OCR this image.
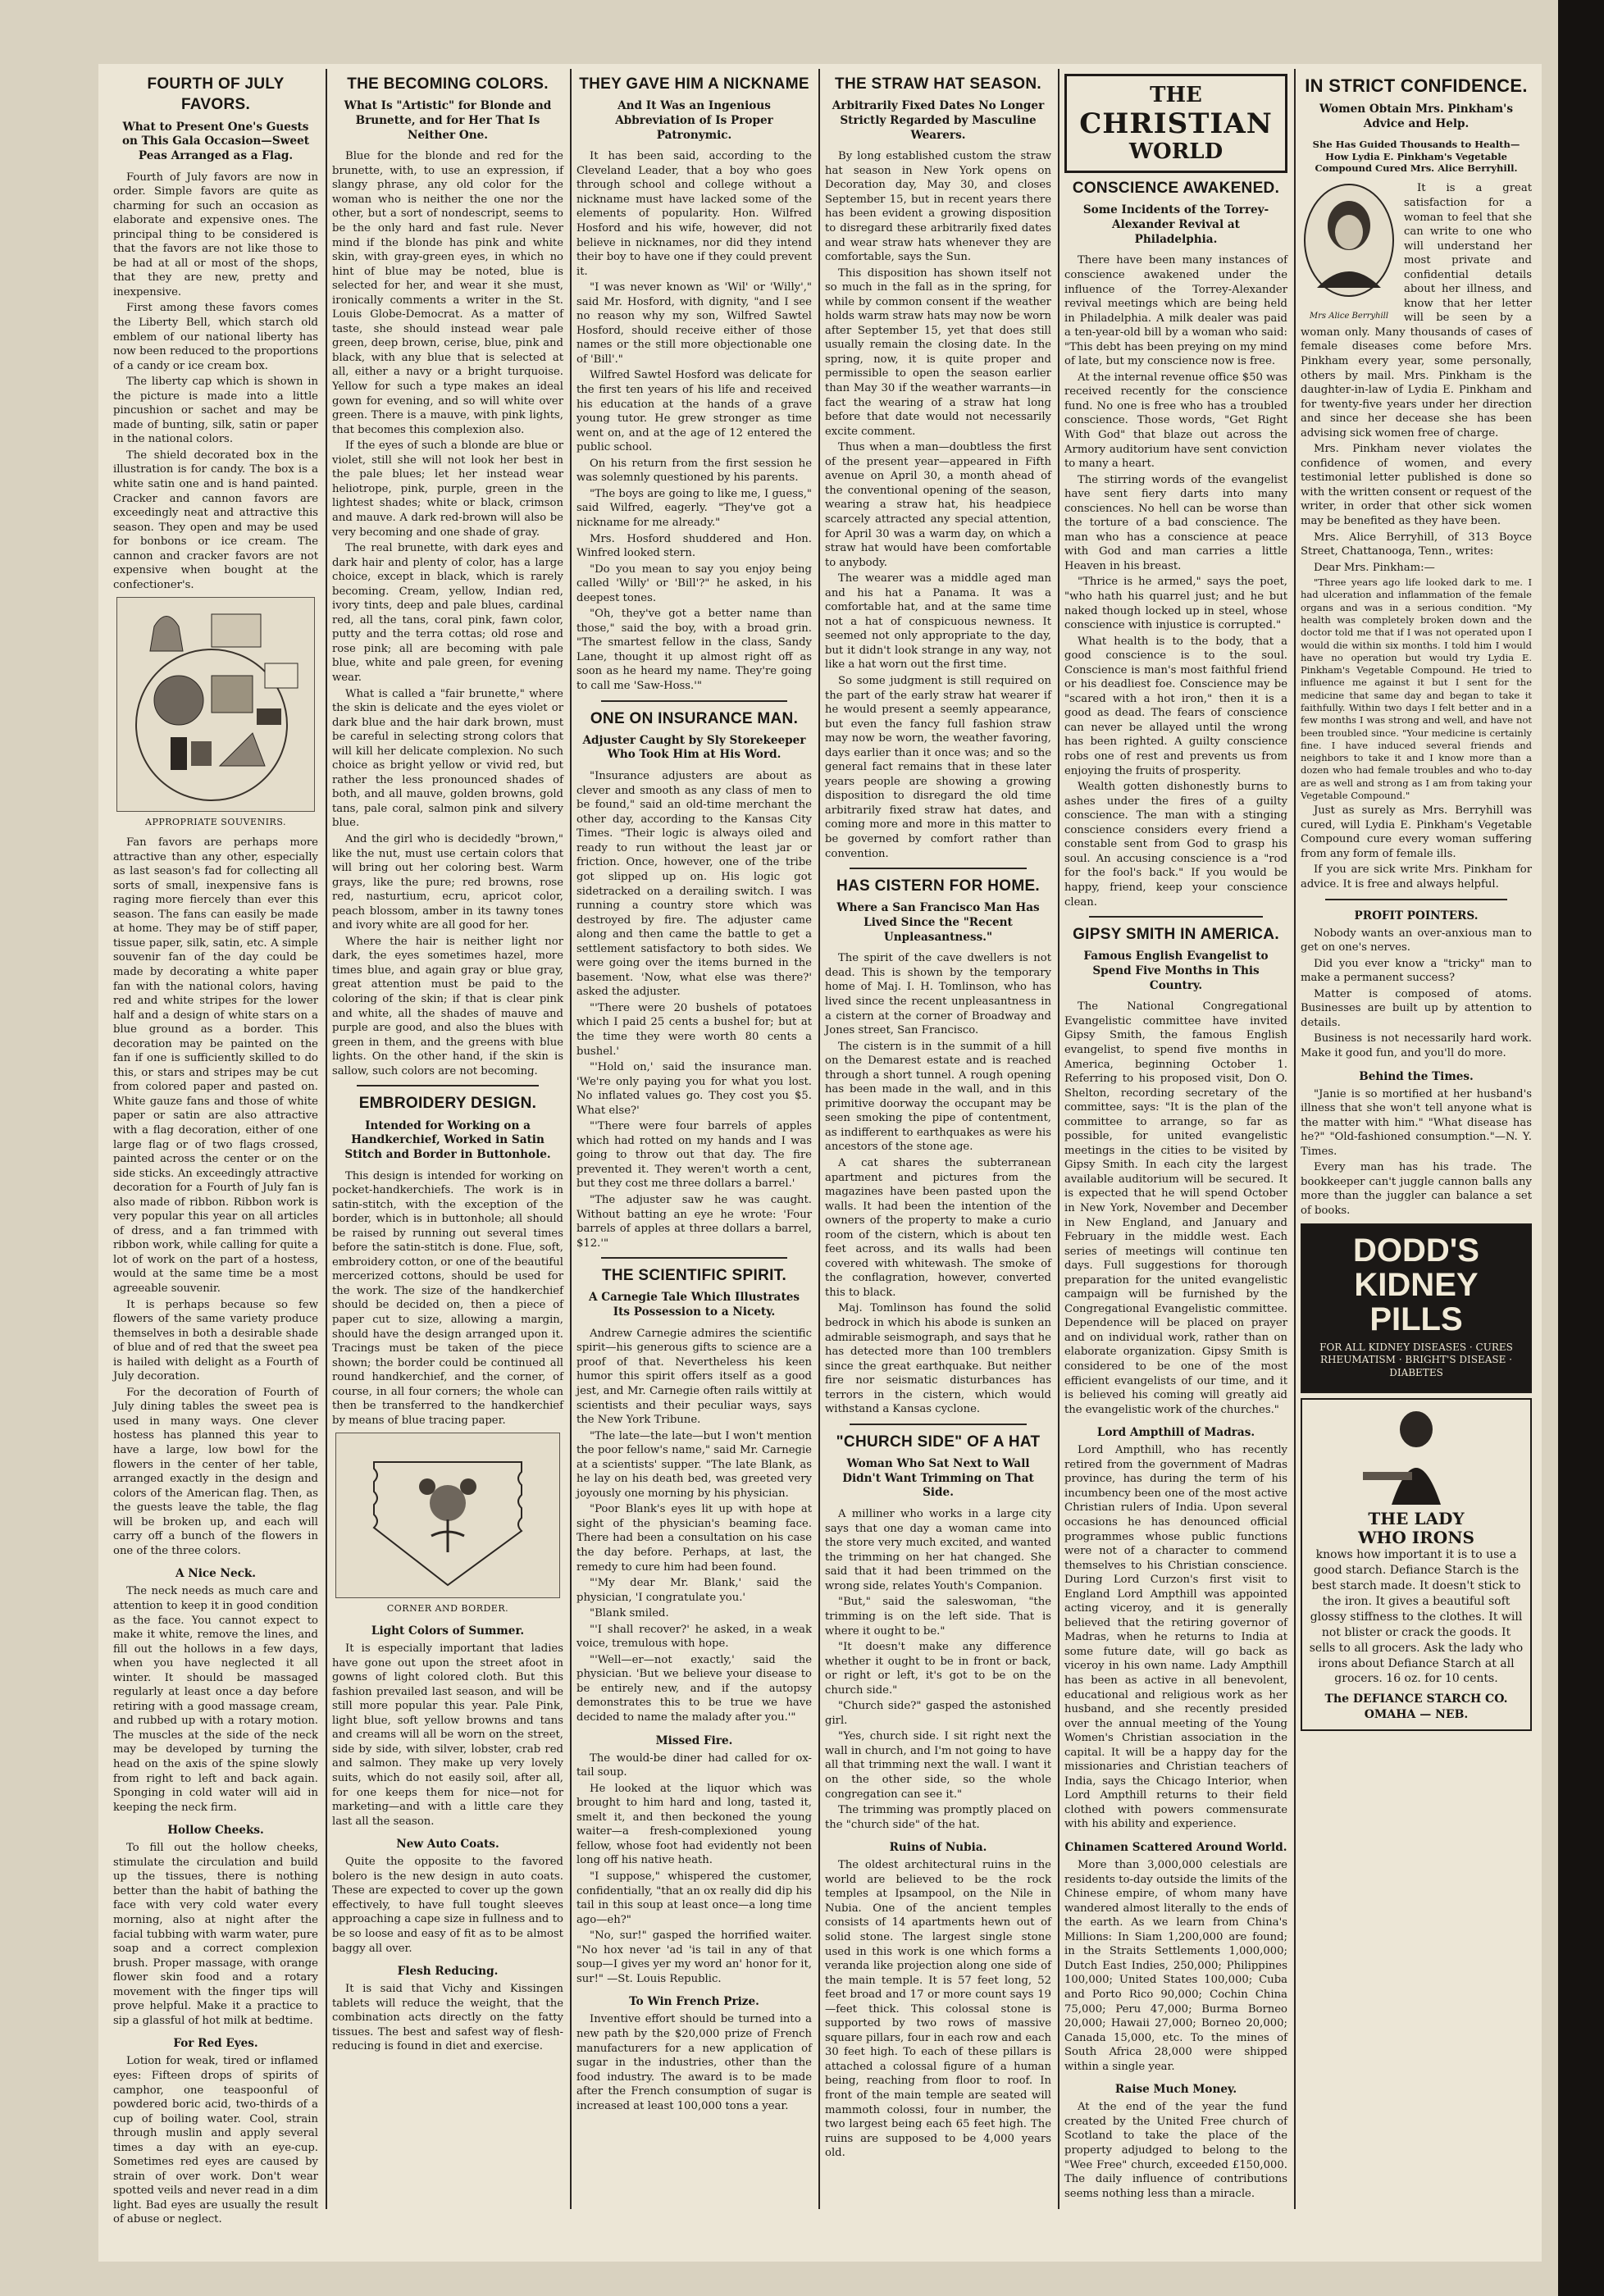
FOURTH OF JULY FAVORS.
What to Present One's Guests on This Gala Occasion—Sweet Peas Arranged as a Flag.

Fourth of July favors are now in order. Simple favors are quite as charming for such an occasion as elaborate and expensive ones. The principal thing to be considered is that the favors are not like those to be had at all or most of the shops, that they are new, pretty and inexpensive.

First among these favors comes the Liberty Bell, which starch old emblem of our national liberty has now been reduced to the proportions of a candy or ice cream box.

The liberty cap which is shown in the picture is made into a little pincushion or sachet and may be made of bunting, silk, satin or paper in the national colors.

The shield decorated box in the illustration is for candy. The box is a white satin one and is hand painted. Cracker and cannon favors are exceedingly neat and attractive this season. They open and may be used for bonbons or ice cream. The cannon and cracker favors are not expensive when bought at the confectioner's.

APPROPRIATE SOUVENIRS.

Fan favors are perhaps more attractive than any other, especially as last season's fad for collecting all sorts of small, inexpensive fans is raging more fiercely than ever this season. The fans can easily be made at home. They may be of stiff paper, tissue paper, silk, satin, etc. A simple souvenir fan of the day could be made by decorating a white paper fan with the national colors, having red and white stripes for the lower half and a design of white stars on a blue ground as a border. This decoration may be painted on the fan if one is sufficiently skilled to do this, or stars and stripes may be cut from colored paper and pasted on. White gauze fans and those of white paper or satin are also attractive with a flag decoration, either of one large flag or of two flags crossed, painted across the center or on the side sticks. An exceedingly attractive decoration for a Fourth of July fan is also made of ribbon. Ribbon work is very popular this year on all articles of dress, and a fan trimmed with ribbon work, while calling for quite a lot of work on the part of a hostess, would at the same time be a most agreeable souvenir.

It is perhaps because so few flowers of the same variety produce themselves in both a desirable shade of blue and of red that the sweet pea is hailed with delight as a Fourth of July decoration.

For the decoration of Fourth of July dining tables the sweet pea is used in many ways. One clever hostess has planned this year to have a large, low bowl for the flowers in the center of her table, arranged exactly in the design and colors of the American flag. Then, as the guests leave the table, the flag will be broken up, and each will carry off a bunch of the flowers in one of the three colors.

A Nice Neck.

The neck needs as much care and attention to keep it in good condition as the face. You cannot expect to make it white, remove the lines, and fill out the hollows in a few days, when you have neglected it all winter. It should be massaged regularly at least once a day before retiring with a good massage cream, and rubbed up with a rotary motion. The muscles at the side of the neck may be developed by turning the head on the axis of the spine slowly from right to left and back again. Sponging in cold water will aid in keeping the neck firm.

Hollow Cheeks.

To fill out the hollow cheeks, stimulate the circulation and build up the tissues, there is nothing better than the habit of bathing the face with very cold water every morning, also at night after the facial tubbing with warm water, pure soap and a correct complexion brush. Proper massage, with orange flower skin food and a rotary movement with the finger tips will prove helpful. Make it a practice to sip a glassful of hot milk at bedtime.

For Red Eyes.

Lotion for weak, tired or inflamed eyes: Fifteen drops of spirits of camphor, one teaspoonful of powdered boric acid, two-thirds of a cup of boiling water. Cool, strain through muslin and apply several times a day with an eye-cup. Sometimes red eyes are caused by strain of over work. Don't wear spotted veils and never read in a dim light. Bad eyes are usually the result of abuse or neglect.

THE BECOMING COLORS.
What Is "Artistic" for Blonde and Brunette, and for Her That Is Neither One.

Blue for the blonde and red for the brunette, with, to use an expression, if slangy phrase, any old color for the woman who is neither the one nor the other, but a sort of nondescript, seems to be the only hard and fast rule. Never mind if the blonde has pink and white skin, with gray-green eyes, in which no hint of blue may be noted, blue is selected for her, and wear it she must, ironically comments a writer in the St. Louis Globe-Democrat. As a matter of taste, she should instead wear pale green, deep brown, cerise, blue, pink and black, with any blue that is selected at all, either a navy or a bright turquoise. Yellow for such a type makes an ideal gown for evening, and so will white over green. There is a mauve, with pink lights, that becomes this complexion also.

If the eyes of such a blonde are blue or violet, still she will not look her best in the pale blues; let her instead wear heliotrope, pink, purple, green in the lightest shades; white or black, crimson and mauve. A dark red-brown will also be very becoming and one shade of gray.

The real brunette, with dark eyes and dark hair and plenty of color, has a large choice, except in black, which is rarely becoming. Cream, yellow, Indian red, ivory tints, deep and pale blues, cardinal red, all the tans, coral pink, fawn color, putty and the terra cottas; old rose and rose pink; all are becoming with pale blue, white and pale green, for evening wear.

What is called a "fair brunette," where the skin is delicate and the eyes violet or dark blue and the hair dark brown, must be careful in selecting strong colors that will kill her delicate complexion. No such choice as bright yellow or vivid red, but rather the less pronounced shades of both, and all mauve, golden browns, gold tans, pale coral, salmon pink and silvery blue.

And the girl who is decidedly "brown," like the nut, must use certain colors that will bring out her coloring best. Warm grays, like the pure; red browns, rose red, nasturtium, ecru, apricot color, peach blossom, amber in its tawny tones and ivory white are all good for her.

Where the hair is neither light nor dark, the eyes sometimes hazel, more times blue, and again gray or blue gray, great attention must be paid to the coloring of the skin; if that is clear pink and white, all the shades of mauve and purple are good, and also the blues with green in them, and the greens with blue lights. On the other hand, if the skin is sallow, such colors are not becoming.

EMBROIDERY DESIGN.
Intended for Working on a Handkerchief, Worked in Satin Stitch and Border in Buttonhole.

This design is intended for working on pocket-handkerchiefs. The work is in satin-stitch, with the exception of the border, which is in buttonhole; all should be raised by running out several times before the satin-stitch is done. Flue, soft, embroidery cotton, or one of the beautiful mercerized cottons, should be used for the work. The size of the handkerchief should be decided on, then a piece of paper cut to size, allowing a margin, should have the design arranged upon it. Tracings must be taken of the piece shown; the border could be continued all round handkerchief, and the corner, of course, in all four corners; the whole can then be transferred to the handkerchief by means of blue tracing paper.

CORNER AND BORDER.
Light Colors of Summer.

It is especially important that ladies have gone out upon the street afoot in gowns of light colored cloth. But this fashion prevailed last season, and will be still more popular this year. Pale Pink, light blue, soft yellow browns and tans and creams will all be worn on the street, side by side, with silver, lobster, crab red and salmon. They make up very lovely suits, which do not easily soil, after all, for one keeps them for nice—not for marketing—and with a little care they last all the season.

New Auto Coats.

Quite the opposite to the favored bolero is the new design in auto coats. These are expected to cover up the gown effectively, to have full tought sleeves approaching a cape size in fullness and to be so loose and easy of fit as to be almost baggy all over.

Flesh Reducing.

It is said that Vichy and Kissingen tablets will reduce the weight, that the combination acts directly on the fatty tissues. The best and safest way of flesh-reducing is found in diet and exercise.

THEY GAVE HIM A NICKNAME
And It Was an Ingenious Abbreviation of Is Proper Patronymic.

It has been said, according to the Cleveland Leader, that a boy who goes through school and college without a nickname must have lacked some of the elements of popularity. Hon. Wilfred Hosford and his wife, however, did not believe in nicknames, nor did they intend their boy to have one if they could prevent it.

"I was never known as 'Wil' or 'Willy'," said Mr. Hosford, with dignity, "and I see no reason why my son, Wilfred Sawtel Hosford, should receive either of those names or the still more objectionable one of 'Bill'."

Wilfred Sawtel Hosford was delicate for the first ten years of his life and received his education at the hands of a grave young tutor. He grew stronger as time went on, and at the age of 12 entered the public school.

On his return from the first session he was solemnly questioned by his parents.

"The boys are going to like me, I guess," said Wilfred, eagerly. "They've got a nickname for me already."

Mrs. Hosford shuddered and Hon. Winfred looked stern.

"Do you mean to say you enjoy being called 'Willy' or 'Bill'?" he asked, in his deepest tones.

"Oh, they've got a better name than those," said the boy, with a broad grin. "The smartest fellow in the class, Sandy Lane, thought it up almost right off as soon as he heard my name. They're going to call me 'Saw-Hoss.'"

ONE ON INSURANCE MAN.
Adjuster Caught by Sly Storekeeper Who Took Him at His Word.

"Insurance adjusters are about as clever and smooth as any class of men to be found," said an old-time merchant the other day, according to the Kansas City Times. "Their logic is always oiled and ready to run without the least jar or friction. Once, however, one of the tribe got slipped up on. His logic got sidetracked on a derailing switch. I was running a country store which was destroyed by fire. The adjuster came along and then came the battle to get a settlement satisfactory to both sides. We were going over the items burned in the basement. 'Now, what else was there?' asked the adjuster.

"'There were 20 bushels of potatoes which I paid 25 cents a bushel for; but at the time they were worth 80 cents a bushel.'

"'Hold on,' said the insurance man. 'We're only paying you for what you lost. No inflated values go. They cost you $5. What else?'

"'There were four barrels of apples which had rotted on my hands and I was going to throw out that day. The fire prevented it. They weren't worth a cent, but they cost me three dollars a barrel.'

"The adjuster saw he was caught. Without batting an eye he wrote: 'Four barrels of apples at three dollars a barrel, $12.'"

THE SCIENTIFIC SPIRIT.
A Carnegie Tale Which Illustrates Its Possession to a Nicety.

Andrew Carnegie admires the scientific spirit—his generous gifts to science are a proof of that. Nevertheless his keen humor this spirit offers itself as a good jest, and Mr. Carnegie often rails wittily at scientists and their peculiar ways, says the New York Tribune.

"The late—the late—but I won't mention the poor fellow's name," said Mr. Carnegie at a scientists' supper. "The late Blank, as he lay on his death bed, was greeted very joyously one morning by his physician.

"Poor Blank's eyes lit up with hope at sight of the physician's beaming face. There had been a consultation on his case the day before. Perhaps, at last, the remedy to cure him had been found.

"'My dear Mr. Blank,' said the physician, 'I congratulate you.'

"Blank smiled.

"'I shall recover?' he asked, in a weak voice, tremulous with hope.

"'Well—er—not exactly,' said the physician. 'But we believe your disease to be entirely new, and if the autopsy demonstrates this to be true we have decided to name the malady after you.'"

Missed Fire.

The would-be diner had called for ox-tail soup.

He looked at the liquor which was brought to him hard and long, tasted it, smelt it, and then beckoned the young waiter—a fresh-complexioned young fellow, whose foot had evidently not been long off his native heath.

"I suppose," whispered the customer, confidentially, "that an ox really did dip his tail in this soup at least once—a long time ago—eh?"

"No, sur!" gasped the horrified waiter. "No hox never 'ad 'is tail in any of that soup—I gives yer my word an' honor for it, sur!" —St. Louis Republic.

To Win French Prize.

Inventive effort should be turned into a new path by the $20,000 prize of French manufacturers for a new application of sugar in the industries, other than the food industry. The award is to be made after the French consumption of sugar is increased at least 100,000 tons a year.

THE STRAW HAT SEASON.
Arbitrarily Fixed Dates No Longer Strictly Regarded by Masculine Wearers.

By long established custom the straw hat season in New York opens on Decoration day, May 30, and closes September 15, but in recent years there has been evident a growing disposition to disregard these arbitrarily fixed dates and wear straw hats whenever they are comfortable, says the Sun.

This disposition has shown itself not so much in the fall as in the spring, for while by common consent if the weather holds warm straw hats may now be worn after September 15, yet that does still usually remain the closing date. In the spring, now, it is quite proper and permissible to open the season earlier than May 30 if the weather warrants—in fact the wearing of a straw hat long before that date would not necessarily excite comment.

Thus when a man—doubtless the first of the present year—appeared in Fifth avenue on April 30, a month ahead of the conventional opening of the season, wearing a straw hat, his headpiece scarcely attracted any special attention, for April 30 was a warm day, on which a straw hat would have been comfortable to anybody.

The wearer was a middle aged man and his hat a Panama. It was a comfortable hat, and at the same time not a hat of conspicuous newness. It seemed not only appropriate to the day, but it didn't look strange in any way, not like a hat worn out the first time.

So some judgment is still required on the part of the early straw hat wearer if he would present a seemly appearance, but even the fancy full fashion straw may now be worn, the weather favoring, days earlier than it once was; and so the general fact remains that in these later years people are showing a growing disposition to disregard the old time arbitrarily fixed straw hat dates, and coming more and more in this matter to be governed by comfort rather than convention.

HAS CISTERN FOR HOME.
Where a San Francisco Man Has Lived Since the "Recent Unpleasantness."

The spirit of the cave dwellers is not dead. This is shown by the temporary home of Maj. I. H. Tomlinson, who has lived since the recent unpleasantness in a cistern at the corner of Broadway and Jones street, San Francisco.

The cistern is in the summit of a hill on the Demarest estate and is reached through a short tunnel. A rough opening has been made in the wall, and in this primitive doorway the occupant may be seen smoking the pipe of contentment, as indifferent to earthquakes as were his ancestors of the stone age.

A cat shares the subterranean apartment and pictures from the magazines have been pasted upon the walls. It had been the intention of the owners of the property to make a curio room of the cistern, which is about ten feet across, and its walls had been covered with whitewash. The smoke of the conflagration, however, converted this to black.

Maj. Tomlinson has found the solid bedrock in which his abode is sunken an admirable seismograph, and says that he has detected more than 100 tremblers since the great earthquake. But neither fire nor seismatic disturbances has terrors in the cistern, which would withstand a Kansas cyclone.

"CHURCH SIDE" OF A HAT
Woman Who Sat Next to Wall Didn't Want Trimming on That Side.

A milliner who works in a large city says that one day a woman came into the store very much excited, and wanted the trimming on her hat changed. She said that it had been trimmed on the wrong side, relates Youth's Companion.

"But," said the saleswoman, "the trimming is on the left side. That is where it ought to be."

"It doesn't make any difference whether it ought to be in front or back, or right or left, it's got to be on the church side."

"Church side?" gasped the astonished girl.

"Yes, church side. I sit right next the wall in church, and I'm not going to have all that trimming next the wall. I want it on the other side, so the whole congregation can see it."

The trimming was promptly placed on the "church side" of the hat.

Ruins of Nubia.

The oldest architectural ruins in the world are believed to be the rock temples at Ipsampool, on the Nile in Nubia. One of the ancient temples consists of 14 apartments hewn out of solid stone. The largest single stone used in this work is one which forms a veranda like projection along one side of the main temple. It is 57 feet long, 52 feet broad and 17 or more count says 19—feet thick. This colossal stone is supported by two rows of massive square pillars, four in each row and each 30 feet high. To each of these pillars is attached a colossal figure of a human being, reaching from floor to roof. In front of the main temple are seated will mammoth colossi, four in number, the two largest being each 65 feet high. The ruins are supposed to be 4,000 years old.

THE
CHRISTIAN
WORLD
CONSCIENCE AWAKENED.
Some Incidents of the Torrey-Alexander Revival at Philadelphia.

There have been many instances of conscience awakened under the influence of the Torrey-Alexander revival meetings which are being held in Philadelphia. A milk dealer was paid a ten-year-old bill by a woman who said: "This debt has been preying on my mind of late, but my conscience now is free.

At the internal revenue office $50 was received recently for the conscience fund. No one is free who has a troubled conscience. Those words, "Get Right With God" that blaze out across the Armory auditorium have sent conviction to many a heart.

The stirring words of the evangelist have sent fiery darts into many consciences. No hell can be worse than the torture of a bad conscience. The man who has a conscience at peace with God and man carries a little Heaven in his breast.

"Thrice is he armed," says the poet, "who hath his quarrel just; and he but naked though locked up in steel, whose conscience with injustice is corrupted."

What health is to the body, that a good conscience is to the soul. Conscience is man's most faithful friend or his deadliest foe. Conscience may be "scared with a hot iron," then it is a good as dead. The fears of conscience can never be allayed until the wrong has been righted. A guilty conscience robs one of rest and prevents us from enjoying the fruits of prosperity.

Wealth gotten dishonestly burns to ashes under the fires of a guilty conscience. The man with a stinging conscience considers every friend a constable sent from God to grasp his soul. An accusing conscience is a "rod for the fool's back." If you would be happy, friend, keep your conscience clean.

GIPSY SMITH IN AMERICA.
Famous English Evangelist to Spend Five Months in This Country.

The National Congregational Evangelistic committee have invited Gipsy Smith, the famous English evangelist, to spend five months in America, beginning October 1. Referring to his proposed visit, Don O. Shelton, recording secretary of the committee, says: "It is the plan of the committee to arrange, so far as possible, for united evangelistic meetings in the cities to be visited by Gipsy Smith. In each city the largest available auditorium will be secured. It is expected that he will spend October in New York, November and December in New England, and January and February in the middle west. Each series of meetings will continue ten days. Full suggestions for thorough preparation for the united evangelistic campaign will be furnished by the Congregational Evangelistic committee. Dependence will be placed on prayer and on individual work, rather than on elaborate organization. Gipsy Smith is considered to be one of the most efficient evangelists of our time, and it is believed his coming will greatly aid the evangelistic work of the churches."

Lord Ampthill of Madras.

Lord Ampthill, who has recently retired from the government of Madras province, has during the term of his incumbency been one of the most active Christian rulers of India. Upon several occasions he has denounced official programmes whose public functions were not of a character to commend themselves to his Christian conscience. During Lord Curzon's first visit to England Lord Ampthill was appointed acting viceroy, and it is generally believed that the retiring governor of Madras, when he returns to India at some future date, will go back as viceroy in his own name. Lady Ampthill has been as active in all benevolent, educational and religious work as her husband, and she recently presided over the annual meeting of the Young Women's Christian association in the capital. It will be a happy day for the missionaries and Christian teachers of India, says the Chicago Interior, when Lord Ampthill returns to their field clothed with powers commensurate with his ability and experience.

Chinamen Scattered Around World.

More than 3,000,000 celestials are residents to-day outside the limits of the Chinese empire, of whom many have wandered almost literally to the ends of the earth. As we learn from China's Millions: In Siam 1,200,000 are found; in the Straits Settlements 1,000,000; Dutch East Indies, 250,000; Philippines 100,000; United States 100,000; Cuba and Porto Rico 90,000; Cochin China 75,000; Peru 47,000; Burma Borneo 20,000; Hawaii 27,000; Borneo 20,000; Canada 15,000, etc. To the mines of South Africa 28,000 were shipped within a single year.

Raise Much Money.

At the end of the year the fund created by the United Free church of Scotland to take the place of the property adjudged to belong to the "Wee Free" church, exceeded £150,000. The daily influence of contributions seems nothing less than a miracle.

IN STRICT CONFIDENCE.
Women Obtain Mrs. Pinkham's Advice and Help.
She Has Guided Thousands to Health—How Lydia E. Pinkham's Vegetable Compound Cured Mrs. Alice Berryhill.
Mrs Alice Berryhill

It is a great satisfaction for a woman to feel that she can write to one who will understand her most private and confidential details about her illness, and know that her letter will be seen by a woman only. Many thousands of cases of female diseases come before Mrs. Pinkham every year, some personally, others by mail. Mrs. Pinkham is the daughter-in-law of Lydia E. Pinkham and for twenty-five years under her direction and since her decease she has been advising sick women free of charge.

Mrs. Pinkham never violates the confidence of women, and every testimonial letter published is done so with the written consent or request of the writer, in order that other sick women may be benefited as they have been.

Mrs. Alice Berryhill, of 313 Boyce Street, Chattanooga, Tenn., writes:

Dear Mrs. Pinkham:—

"Three years ago life looked dark to me. I had ulceration and inflammation of the female organs and was in a serious condition. "My health was completely broken down and the doctor told me that if I was not operated upon I would die within six months. I told him I would have no operation but would try Lydia E. Pinkham's Vegetable Compound. He tried to influence me against it but I sent for the medicine that same day and began to take it faithfully. Within two days I felt better and in a few months I was strong and well, and have not been troubled since. "Your medicine is certainly fine. I have induced several friends and neighbors to take it and I know more than a dozen who had female troubles and who to-day are as well and strong as I am from taking your Vegetable Compound."

Just as surely as Mrs. Berryhill was cured, will Lydia E. Pinkham's Vegetable Compound cure every woman suffering from any form of female ills.

If you are sick write Mrs. Pinkham for advice. It is free and always helpful.

PROFIT POINTERS.

Nobody wants an over-anxious man to get on one's nerves.

Did you ever know a "tricky" man to make a permanent success?

Matter is composed of atoms. Businesses are built up by attention to details.

Business is not necessarily hard work. Make it good fun, and you'll do more.

Behind the Times.

"Janie is so mortified at her husband's illness that she won't tell anyone what is the matter with him." "What disease has he?" "Old-fashioned consumption."—N. Y. Times.

Every man has his trade. The bookkeeper can't juggle cannon balls any more than the juggler can balance a set of books.

DODD'S
KIDNEY
PILLS
FOR ALL KIDNEY DISEASES · CURES RHEUMATISM · BRIGHT'S DISEASE · DIABETES
THE LADY
WHO IRONS
knows how important it is to use a good starch. Defiance Starch is the best starch made. It doesn't stick to the iron. It gives a beautiful soft glossy stiffness to the clothes. It will not blister or crack the goods. It sells to all grocers. Ask the lady who irons about Defiance Starch at all grocers. 16 oz. for 10 cents.
The DEFIANCE STARCH CO.
OMAHA — NEB.
